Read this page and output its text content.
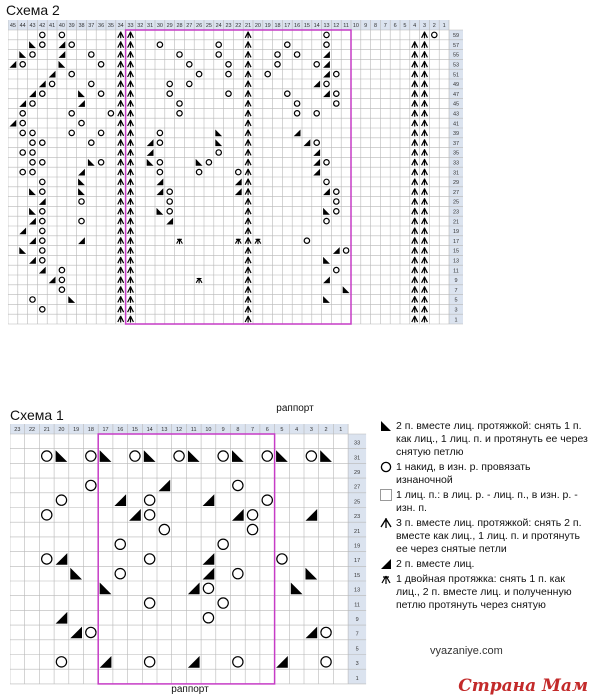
Схема 2
45 44 43 42 41 40 39 38 37 36 35 34 33 32 31 30 29 28 27 26 25 24 23 22 21 20 19 18 17 16 15 14 13 12 11 10 9 8 7 6 5 4 3 2 1
59
57
55
53
51
49
47
45
43
41
39
37
35
33
31
29
27
25
23
21
19
17
15
13
11
9
7
5
3
1
раппорт
Схема 1
23 22 21 20 19 18 17 16 15 14 13 12 11 10 9 8 7 6 5 4 3 2 1
33
31
29
27
25
23
21
19
17
15
13
11
9
7
5
3
1
раппорт
2 п. вместе лиц. протяжкой: снять 1 п. как лиц., 1 лиц. п. и протянуть ее через снятую петлю
1 накид, в изн. р. провязать изнаночной
1 лиц. п.: в лиц. р. - лиц. п., в изн. р. - изн. п.
3 п. вместе лиц. протяжкой: снять 2 п. вместе как лиц., 1 лиц. п. и протянуть ее через снятые петли
2 п. вместе лиц.
1 двойная протяжка: снять 1 п. как лиц., 2 п. вместе лиц. и полученную петлю протянуть через снятую
vyazaniye.com
Страна Мам
